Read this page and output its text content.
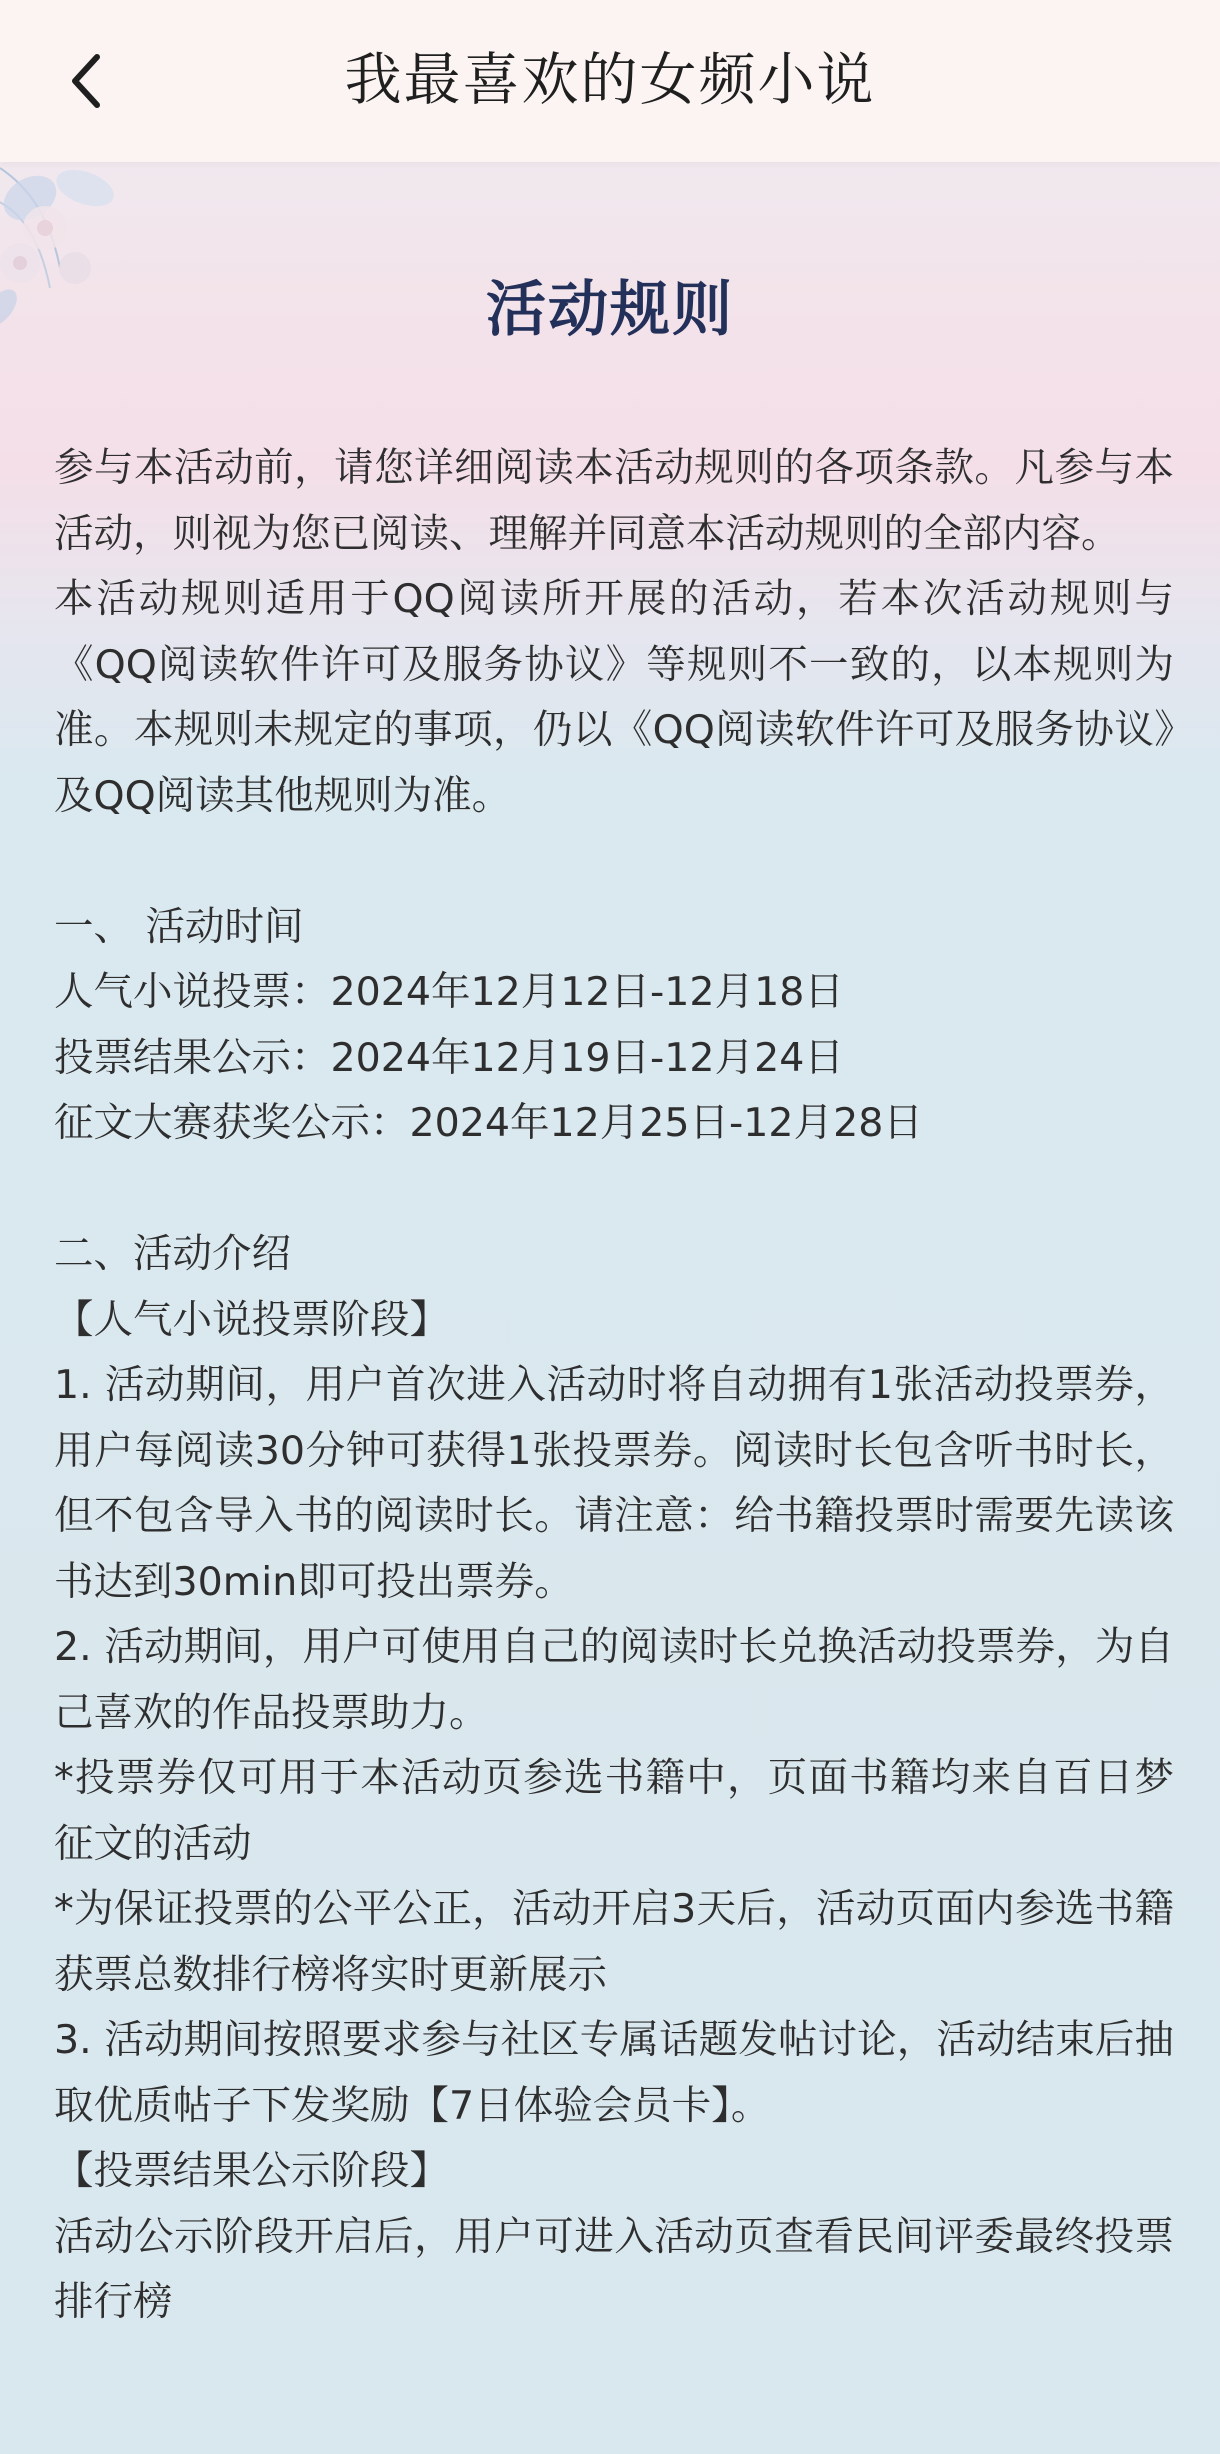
我最喜欢的女频小说
活动规则

参与本活动前，请您详细阅读本活动规则的各项条款。凡参与本活动，则视为您已阅读、理解并同意本活动规则的全部内容。

本活动规则适用于QQ阅读所开展的活动，若本次活动规则与《QQ阅读软件许可及服务协议》等规则不一致的，以本规则为准。本规则未规定的事项，仍以《QQ阅读软件许可及服务协议》及QQ阅读其他规则为准。

一、 活动时间

人气小说投票：2024年12月12日-12月18日

投票结果公示：2024年12月19日-12月24日

征文大赛获奖公示：2024年12月25日-12月28日

二、活动介绍

【人气小说投票阶段】

1. 活动期间，用户首次进入活动时将自动拥有1张活动投票券，用户每阅读30分钟可获得1张投票券。阅读时长包含听书时长，但不包含导入书的阅读时长。请注意：给书籍投票时需要先读该书达到30min即可投出票券。

2. 活动期间，用户可使用自己的阅读时长兑换活动投票券，为自己喜欢的作品投票助力。

*投票券仅可用于本活动页参选书籍中，页面书籍均来自百日梦征文的活动

*为保证投票的公平公正，活动开启3天后，活动页面内参选书籍获票总数排行榜将实时更新展示

3. 活动期间按照要求参与社区专属话题发帖讨论，活动结束后抽取优质帖子下发奖励【7日体验会员卡】。

【投票结果公示阶段】

活动公示阶段开启后，用户可进入活动页查看民间评委最终投票排行榜
